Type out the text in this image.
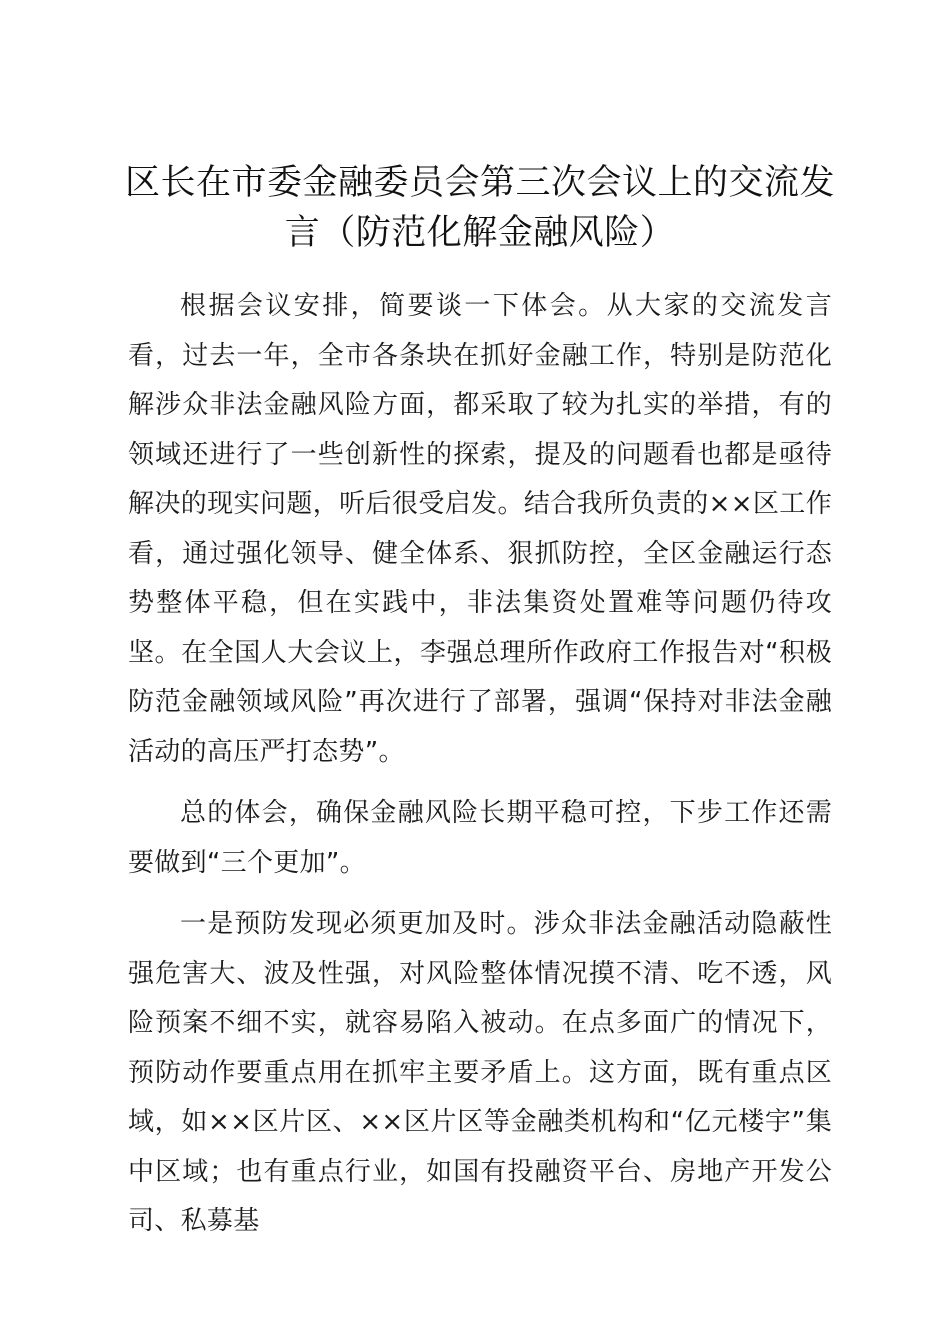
区长在市委金融委员会第三次会议上的交流发言（防范化解金融风险）

根据会议安排，简要谈一下体会。从大家的交流发言看，过去一年，全市各条块在抓好金融工作，特别是防范化解涉众非法金融风险方面，都采取了较为扎实的举措，有的领域还进行了一些创新性的探索，提及的问题看也都是亟待解决的现实问题，听后很受启发。结合我所负责的××区工作看，通过强化领导、健全体系、狠抓防控，全区金融运行态势整体平稳，但在实践中，非法集资处置难等问题仍待攻坚。在全国人大会议上，李强总理所作政府工作报告对“积极防范金融领域风险”再次进行了部署，强调“保持对非法金融活动的高压严打态势”。

总的体会，确保金融风险长期平稳可控，下步工作还需要做到“三个更加”。

一是预防发现必须更加及时。涉众非法金融活动隐蔽性强危害大、波及性强，对风险整体情况摸不清、吃不透，风险预案不细不实，就容易陷入被动。在点多面广的情况下，预防动作要重点用在抓牢主要矛盾上。这方面，既有重点区域，如××区片区、××区片区等金融类机构和“亿元楼宇”集中区域；也有重点行业，如国有投融资平台、房地产开发公司、私募基
